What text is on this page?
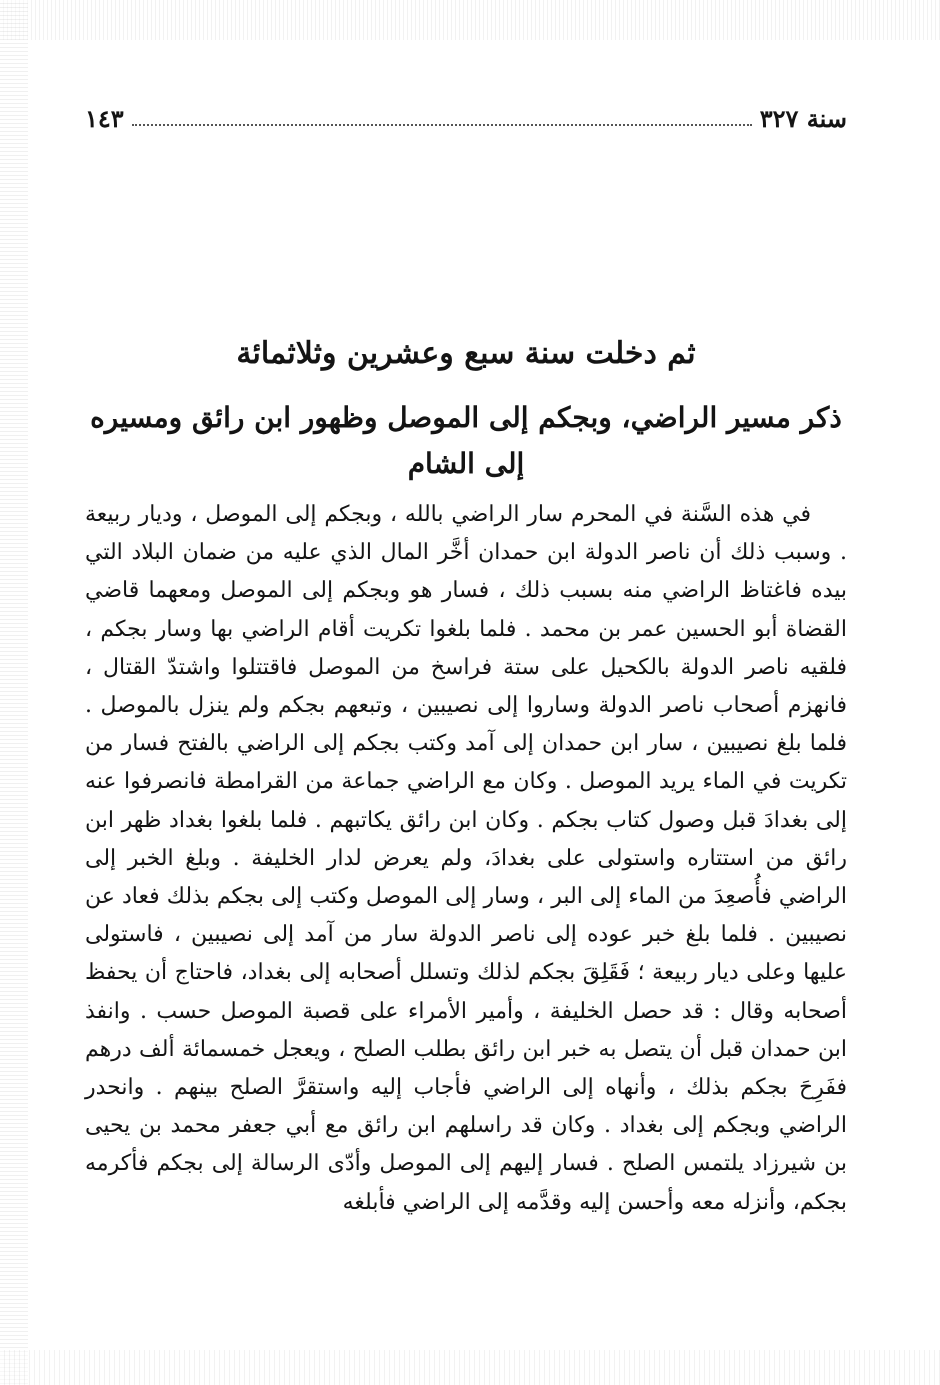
سنة ٣٢٧
١٤٣
ثم دخلت سنة سبع وعشرين وثلاثمائة
ذكر مسير الراضي، وبجكم إلى الموصل وظهور ابن رائق ومسيره إلى الشام

في هذه السَّنة في المحرم سار الراضي بالله ، وبجكم إلى الموصل ، وديار ربيعة . وسبب ذلك أن ناصر الدولة ابن حمدان أخَّر المال الذي عليه من ضمان البلاد التي بيده فاغتاظ الراضي منه بسبب ذلك ، فسار هو وبجكم إلى الموصل ومعهما قاضي القضاة أبو الحسين عمر بن محمد . فلما بلغوا تكريت أقام الراضي بها وسار بجكم ، فلقيه ناصر الدولة بالكحيل على ستة فراسخ من الموصل فاقتتلوا واشتدّ القتال ، فانهزم أصحاب ناصر الدولة وساروا إلى نصيبين ، وتبعهم بجكم ولم ينزل بالموصل . فلما بلغ نصيبين ، سار ابن حمدان إلى آمد وكتب بجكم إلى الراضي بالفتح فسار من تكريت في الماء يريد الموصل . وكان مع الراضي جماعة من القرامطة فانصرفوا عنه إلى بغدادَ قبل وصول كتاب بجكم . وكان ابن رائق يكاتبهم . فلما بلغوا بغداد ظهر ابن رائق من استتاره واستولى على بغدادَ، ولم يعرض لدار الخليفة . وبلغ الخبر إلى الراضي فأُصعِدَ من الماء إلى البر ، وسار إلى الموصل وكتب إلى بجكم بذلك فعاد عن نصيبين . فلما بلغ خبر عوده إلى ناصر الدولة سار من آمد إلى نصيبين ، فاستولى عليها وعلى ديار ربيعة ؛ فَقَلِقَ بجكم لذلك وتسلل أصحابه إلى بغداد، فاحتاج أن يحفظ أصحابه وقال : قد حصل الخليفة ، وأمير الأمراء على قصبة الموصل حسب . وانفذ ابن حمدان قبل أن يتصل به خبر ابن رائق بطلب الصلح ، ويعجل خمسمائة ألف درهم ففَرِحَ بجكم بذلك ، وأنهاه إلى الراضي فأجاب إليه واستقرَّ الصلح بينهم . وانحدر الراضي وبجكم إلى بغداد . وكان قد راسلهم ابن رائق مع أبي جعفر محمد بن يحيى بن شيرزاد يلتمس الصلح . فسار إليهم إلى الموصل وأدّى الرسالة إلى بجكم فأكرمه بجكم، وأنزله معه وأحسن إليه وقدَّمه إلى الراضي فأبلغه
